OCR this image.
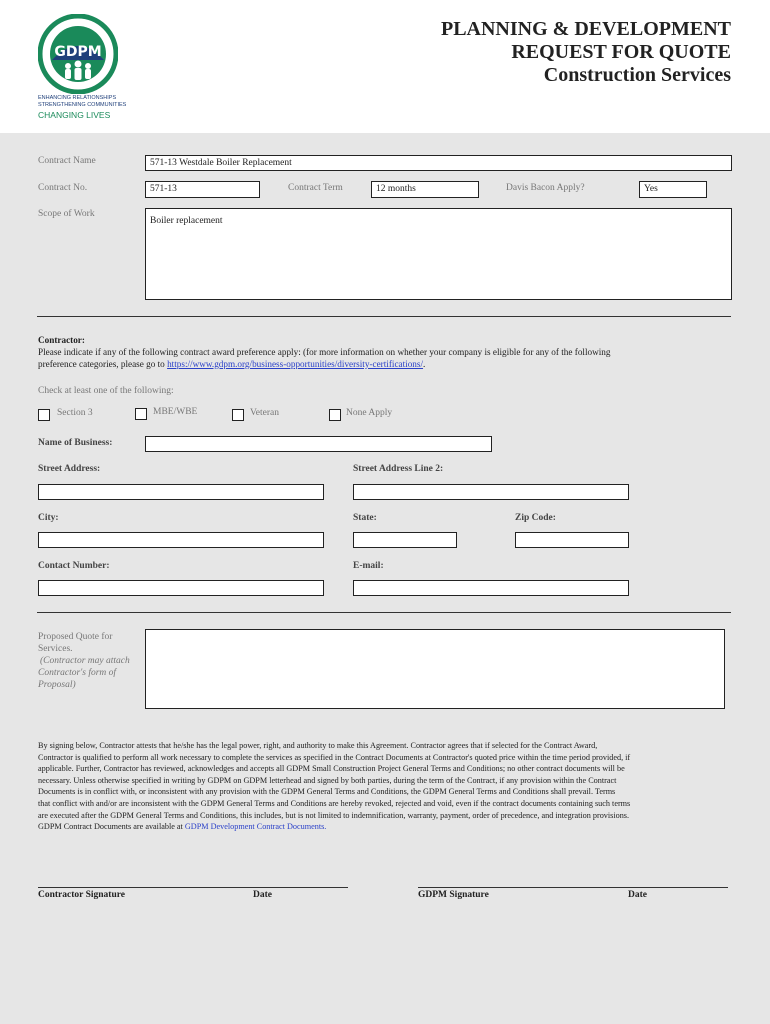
GDPM
ENHANCING RELATIONSHIPS
STRENGTHENING COMMUNITIES
CHANGING LIVES
PLANNING & DEVELOPMENT
REQUEST FOR QUOTE
Construction Services
Contract Name	571-13 Westdale Boiler Replacement
Contract No.	571-13	Contract Term	12 months	Davis Bacon Apply?	Yes
Scope of Work
Boiler replacement
Contractor:
Please indicate if any of the following contract award preference apply: (for more information on whether your company is eligible for any of the following
preference categories, please go to https://www.gdpm.org/business-opportunities/diversity-certifications/.
Check at least one of the following:
Section 3	MBE/WBE	Veteran	None Apply
Name of Business:
Street Address:	Street Address Line 2:
City:	State:	Zip Code:
Contact Number:	E-mail:
Proposed Quote for
Services.
(Contractor may attach
Contractor's form of
Proposal)
By signing below, Contractor attests that he/she has the legal power, right, and authority to make this Agreement. Contractor agrees that if selected for the Contract Award,
Contractor is qualified to perform all work necessary to complete the services as specified in the Contract Documents at Contractor's quoted price within the time period provided, if
applicable. Further, Contractor has reviewed, acknowledges and accepts all GDPM Small Construction Project General Terms and Conditions; no other contract documents will be
necessary. Unless otherwise specified in writing by GDPM on GDPM letterhead and signed by both parties, during the term of the Contract, if any provision within the Contract
Documents is in conflict with, or inconsistent with any provision with the GDPM General Terms and Conditions, the GDPM General Terms and Conditions shall prevail. Terms
that conflict with and/or are inconsistent with the GDPM General Terms and Conditions are hereby revoked, rejected and void, even if the contract documents containing such terms
are executed after the GDPM General Terms and Conditions, this includes, but is not limited to indemnification, warranty, payment, order of precedence, and integration provisions.
GDPM Contract Documents are available at GDPM Development Contract Documents.
Contractor Signature	Date	GDPM Signature	Date
